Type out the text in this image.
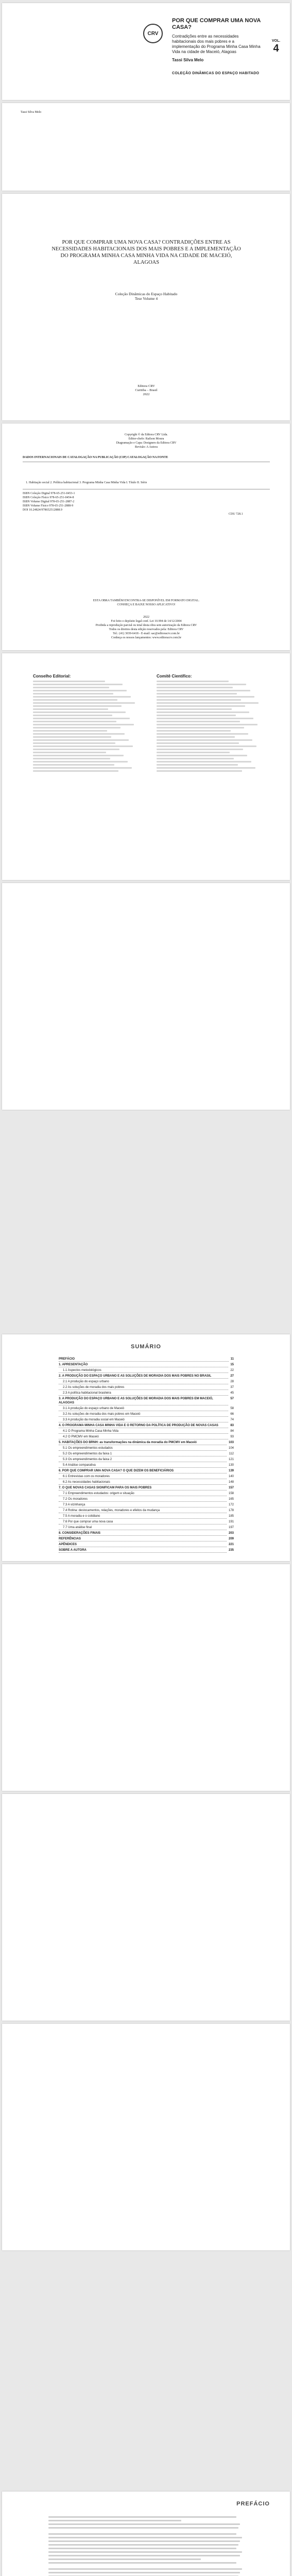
CRV
POR QUE COMPRAR UMA NOVA CASA?
Contradições entre as necessidades habitacionais dos mais pobres e a implementação do Programa Minha Casa Minha Vida na cidade de Maceió, Alagoas
Tassi Silva Melo
COLEÇÃO DINÂMICAS DO ESPAÇO HABITADO
VOL.
4
Tassi Silva Melo
POR QUE COMPRAR UMA NOVA CASA? CONTRADIÇÕES ENTRE AS NECESSIDADES HABITACIONAIS DOS MAIS POBRES E A IMPLEMENTAÇÃO DO PROGRAMA MINHA CASA MINHA VIDA NA CIDADE DE MACEIÓ, ALAGOAS
Coleção Dinâmicas do Espaço Habitado
Tese Volume 4
Editora CRV
Curitiba – Brasil
2022
Copyright © da Editora CRV Ltda.
Editor-chefe: Railson Moura
Diagramação e Capa: Designers da Editora CRV
Revisão: A Autora
DADOS INTERNACIONAIS DE CATALOGAÇÃO NA PUBLICAÇÃO (CIP) CATALOGAÇÃO NA FONTE
1. Habitação social 2. Política habitacional 3. Programa Minha Casa Minha Vida I. Título II. Série
ISBN Coleção Digital 978-65-251-0453-1
ISBN Coleção Físico 978-65-251-0454-8
ISBN Volume Digital 978-65-251-2887-2
ISBN Volume Físico 978-65-251-2888-9
DOI 10.24824/978652512888.9
CDU 728.1
ESTA OBRA TAMBÉM ENCONTRA-SE DISPONÍVEL EM FORMATO DIGITAL.
CONHEÇA E BAIXE NOSSO APLICATIVO!
2022
Foi feito o depósito legal conf. Lei 10.994 de 14/12/2004
Proibida a reprodução parcial ou total desta obra sem autorização da Editora CRV
Todos os direitos desta edição reservados pela: Editora CRV
Tel.: (41) 3039-6418 - E-mail: sac@editoracrv.com.br
Conheça os nossos lançamentos: www.editoracrv.com.br
Conselho Editorial:	Comitê Científico:
SUMÁRIO
PREFÁCIO	11
1. APRESENTAÇÃO	15
1.1 Aspectos metodológicos	22
2. A PRODUÇÃO DO ESPAÇO URBANO E AS SOLUÇÕES DE MORADIA DOS MAIS POBRES NO BRASIL	27
2.1 A produção do espaço urbano	28
2.2 As soluções de moradia dos mais pobres	37
2.3 A política habitacional brasileira	45
3. A PRODUÇÃO DO ESPAÇO URBANO E AS SOLUÇÕES DE MORADIA DOS MAIS POBRES EM MACEIÓ, ALAGOAS
57
3.1 A produção do espaço urbano de Maceió	58
3.2 As soluções de moradia dos mais pobres em Maceió	66
3.3 A produção da moradia social em Maceió	74
4. O PROGRAMA MINHA CASA MINHA VIDA E O RETORNO DA POLÍTICA DE PRODUÇÃO DE NOVAS CASAS	83
4.1 O Programa Minha Casa Minha Vida	84
4.2 O PMCMV em Maceió	93
5. HABITAÇÕES DO BRNH: as transformações na dinâmica da moradia do PMCMV em Maceió	103
5.1 Os empreendimentos estudados	104
5.2 Os empreendimentos da faixa 1	112
5.3 Os empreendimentos da faixa 2	121
5.4 Análise comparativa	130
6. POR QUE COMPRAR UMA NOVA CASA? O QUE DIZEM OS BENEFICIÁRIOS	139
6.1 Entrevistas com os moradores	140
6.2 As necessidades habitacionais	148
7. O QUE NOVAS CASAS SIGNIFICAM PARA OS MAIS POBRES	157
7.1 Empreendimentos estudados: origem e situação	158
7.2 Os moradores	165
7.3 A vizinhança	172
7.4 Rotina: deslocamentos, relações, moradores e efeitos da mudança	178
7.5 A moradia e o cotidiano	185
7.6 Por que comprar uma nova casa	191
7.7 Uma análise final	197
8. CONSIDERAÇÕES FINAIS	203
REFERÊNCIAS	209
APÊNDICES	221
SOBRE A AUTORA	235
PREFÁCIO
